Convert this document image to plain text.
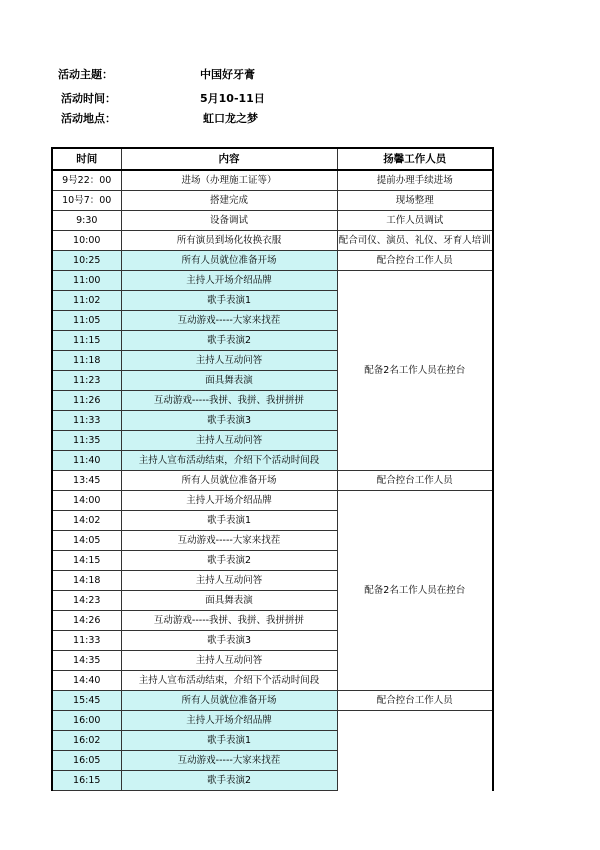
活动主题：	中国好牙膏
活动时间：	5月10-11日
活动地点：	虹口龙之梦
时间	内容	扬馨工作人员
9号22：00	进场（办理施工证等）	提前办理手续进场
10号7：00	搭建完成	现场整理
9:30	设备调试	工作人员调试
10:00	所有演员到场化妆换衣服	配合司仪、演员、礼仪、牙育人培训
10:25	所有人员就位准备开场	配合控台工作人员
11:00	主持人开场介绍品牌	配备2名工作人员在控台
11:02	歌手表演1	
11:05	互动游戏-----大家来找茬	
11:15	歌手表演2	
11:18	主持人互动问答	
11:23	面具舞表演	
11:26	互动游戏-----我拼、我拼、我拼拼拼	
11:33	歌手表演3	
11:35	主持人互动问答	
11:40	主持人宣布活动结束，介绍下个活动时间段	
13:45	所有人员就位准备开场	配合控台工作人员
14:00	主持人开场介绍品牌	配备2名工作人员在控台
14:02	歌手表演1	
14:05	互动游戏-----大家来找茬	
14:15	歌手表演2	
14:18	主持人互动问答	
14:23	面具舞表演	
14:26	互动游戏-----我拼、我拼、我拼拼拼	
11:33	歌手表演3	
14:35	主持人互动问答	
14:40	主持人宣布活动结束，介绍下个活动时间段	
15:45	所有人员就位准备开场	配合控台工作人员
16:00	主持人开场介绍品牌	
16:02	歌手表演1	
16:05	互动游戏-----大家来找茬	
16:15	歌手表演2	
